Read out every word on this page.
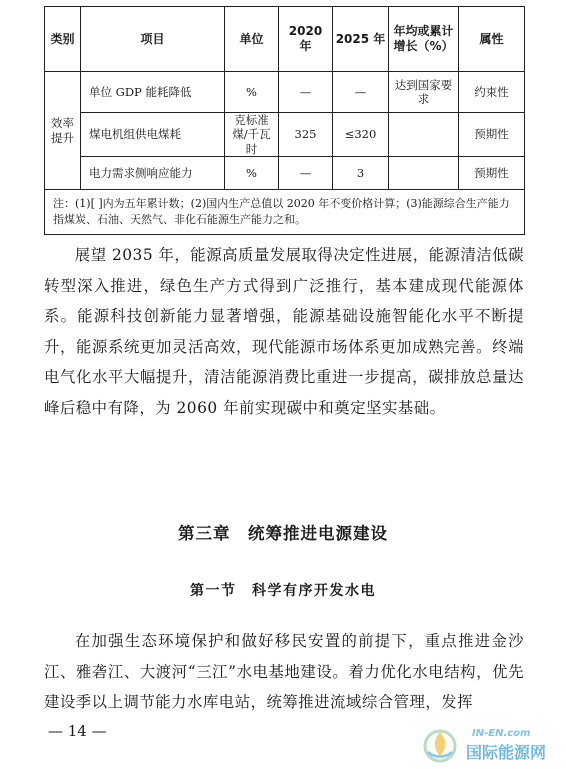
类别	项目	单位	2020 年	2025 年	年均或累计增长（%）	属性
效率提升	单位 GDP 能耗降低	%	—	—	达到国家要求	约束性
	煤电机组供电煤耗	克标准煤/千瓦时	325	≤320		预期性
	电力需求侧响应能力	%	—	3		预期性
注：(1)[ ]内为五年累计数；(2)国内生产总值以 2020 年不变价格计算；(3)能源综合生产能力指煤炭、石油、天然气、非化石能源生产能力之和。						

展望 2035 年，能源高质量发展取得决定性进展，能源清洁低碳转型深入推进，绿色生产方式得到广泛推行，基本建成现代能源体系。能源科技创新能力显著增强，能源基础设施智能化水平不断提升，能源系统更加灵活高效，现代能源市场体系更加成熟完善。终端电气化水平大幅提升，清洁能源消费比重进一步提高，碳排放总量达峰后稳中有降，为 2060 年前实现碳中和奠定坚实基础。

第三章　统筹推进电源建设
第一节　科学有序开发水电

在加强生态环境保护和做好移民安置的前提下，重点推进金沙江、雅砻江、大渡河“三江”水电基地建设。着力优化水电结构，优先建设季以上调节能力水库电站，统筹推进流域综合管理，发挥

— 14 —	IN-EN.com
国际能源网
